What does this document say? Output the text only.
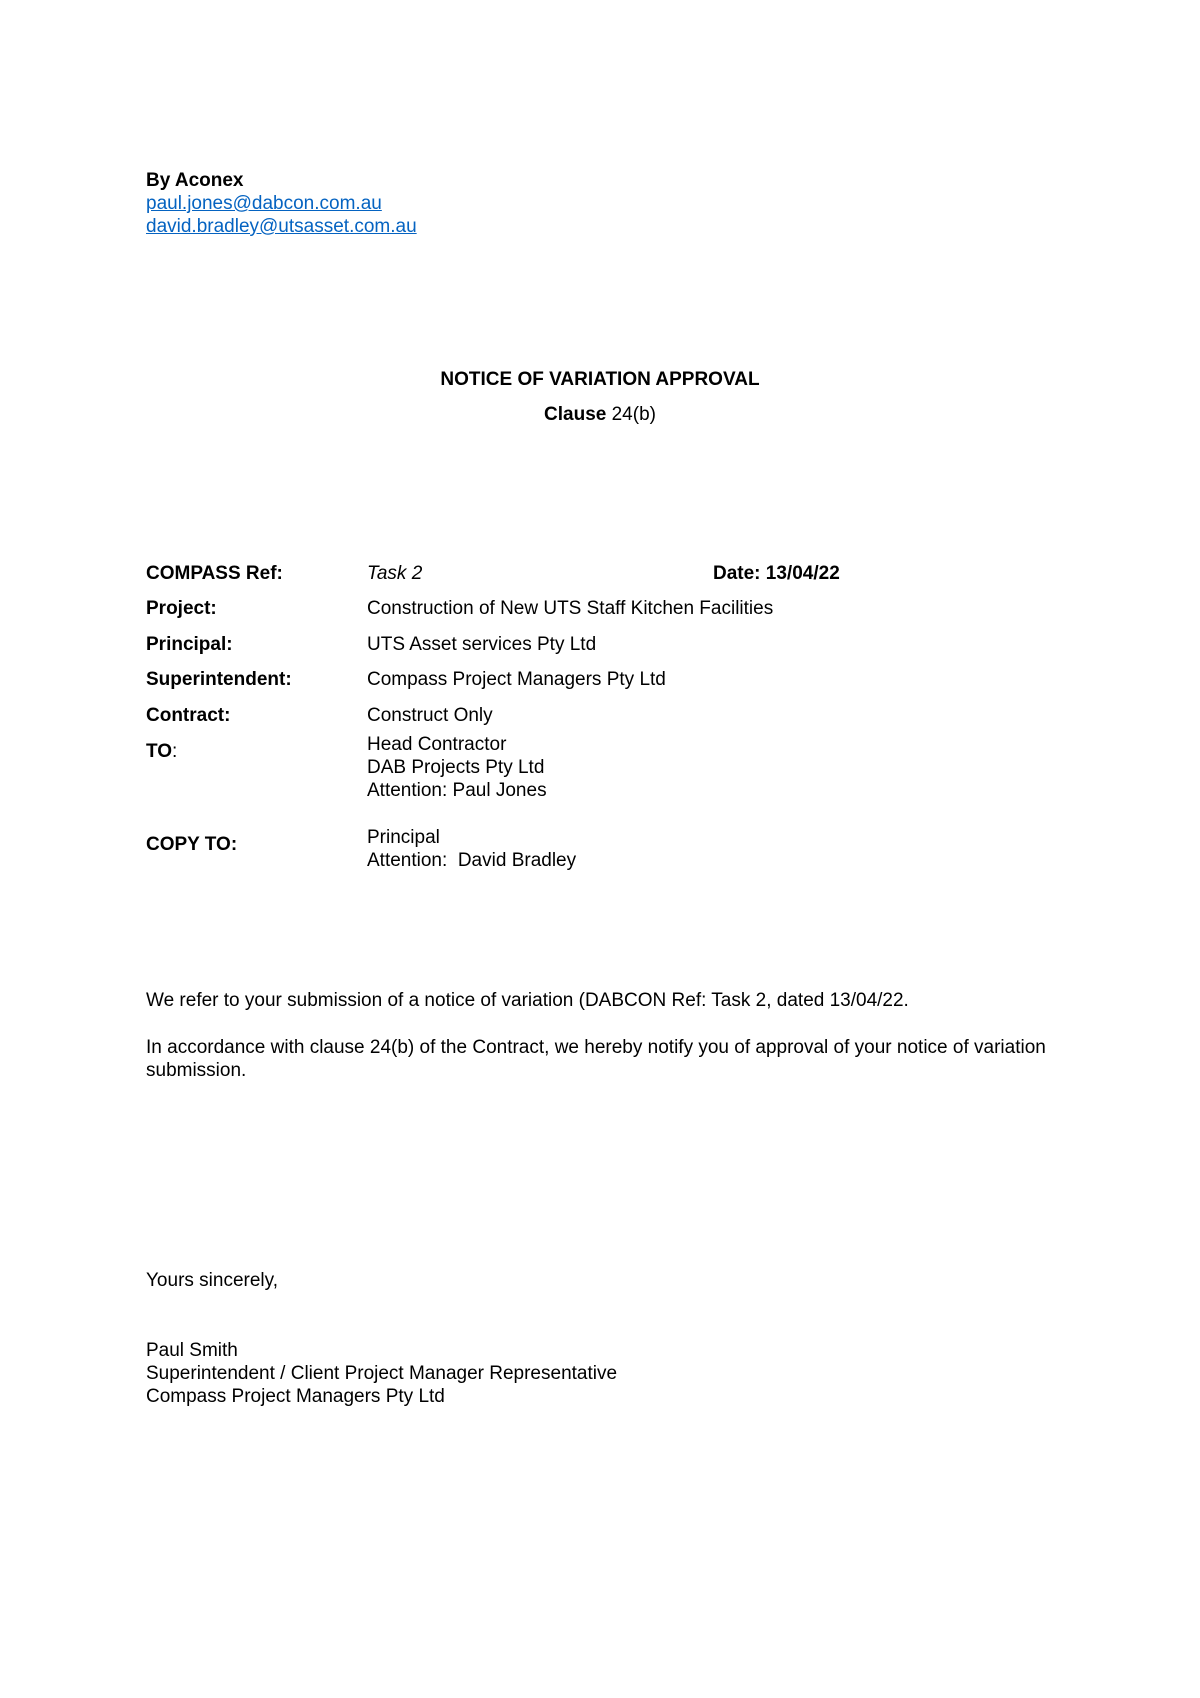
By Aconex
paul.jones@dabcon.com.au
david.bradley@utsasset.com.au
NOTICE OF VARIATION APPROVAL
Clause 24(b)
COMPASS Ref:	Task 2	Date: 13/04/22
Project:	Construction of New UTS Staff Kitchen Facilities
Principal:	UTS Asset services Pty Ltd
Superintendent:	Compass Project Managers Pty Ltd
Contract:	Construct Only
TO:	Head Contractor
DAB Projects Pty Ltd
Attention: Paul Jones
COPY TO:	Principal
Attention:  David Bradley
We refer to your submission of a notice of variation (DABCON Ref: Task 2, dated 13/04/22.
In accordance with clause 24(b) of the Contract, we hereby notify you of approval of your notice of variation submission.
Yours sincerely,
Paul Smith
Superintendent / Client Project Manager Representative
Compass Project Managers Pty Ltd
